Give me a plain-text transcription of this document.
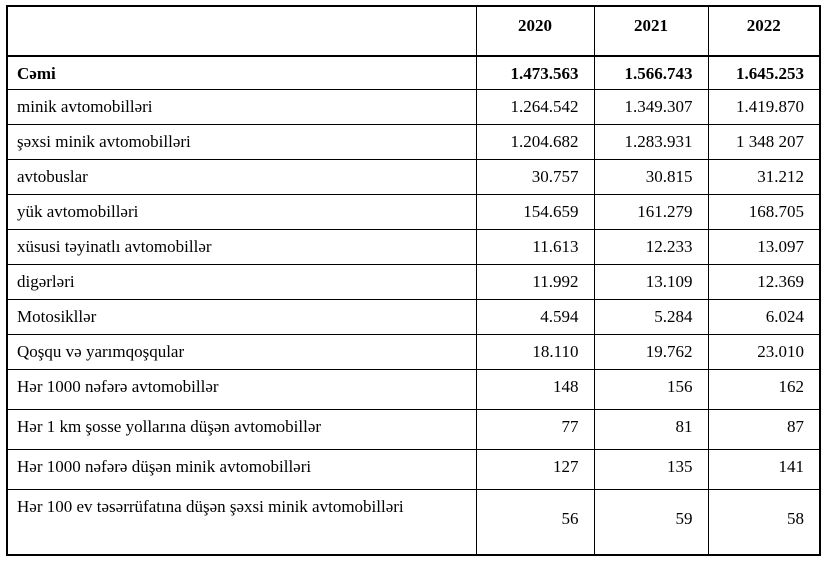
	2020	2021	2022
Cəmi	1.473.563	1.566.743	1.645.253
minik avtomobilləri	1.264.542	1.349.307	1.419.870
şəxsi minik avtomobilləri	1.204.682	1.283.931	1 348 207
avtobuslar	30.757	30.815	31.212
yük avtomobilləri	154.659	161.279	168.705
xüsusi təyinatlı avtomobillər	11.613	12.233	13.097
digərləri	11.992	13.109	12.369
Motosikllər	4.594	5.284	6.024
Qoşqu və yarımqoşqular	18.110	19.762	23.010
Hər 1000 nəfərə avtomobillər	148	156	162
Hər 1 km şosse yollarına düşən avtomobillər	77	81	87
Hər 1000 nəfərə düşən minik avtomobilləri	127	135	141
Hər 100 ev təsərrüfatına düşən şəxsi minik avtomobilləri	56	59	58
